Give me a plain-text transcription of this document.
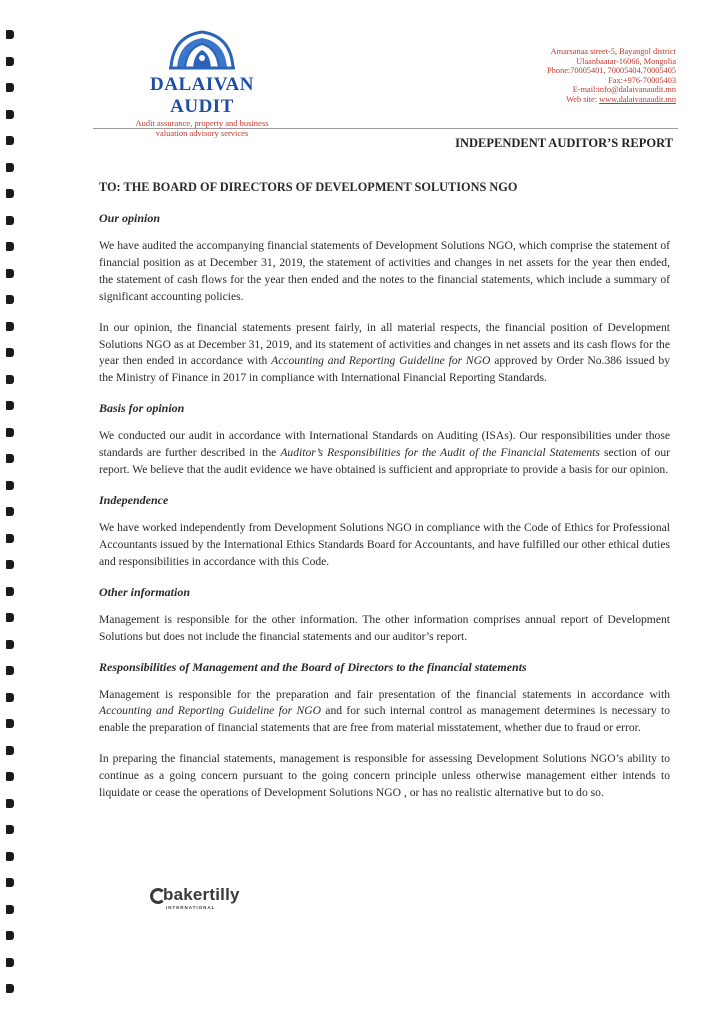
DALAIVAN AUDIT
Audit assurance, property and business
valuation advisory services
Amarsanaa street-5, Bayangol district
Ulaanbaatar-16066, Mongolia
Phone:70005401, 70005404,70005405
Fax:+976-70005403
E-mail:info@dalaivanaudit.mn
Web site: www.dalaivanaudit.mn
INDEPENDENT AUDITOR’S REPORT
TO: THE BOARD OF DIRECTORS OF DEVELOPMENT SOLUTIONS NGO
Our opinion

We have audited the accompanying financial statements of Development Solutions NGO, which comprise the statement of financial position as at December 31, 2019, the statement of activities and changes in net assets for the year then ended, the statement of cash flows for the year then ended and the notes to the financial statements, which include a summary of significant accounting policies.

In our opinion, the financial statements present fairly, in all material respects, the financial position of Development Solutions NGO as at December 31, 2019, and its statement of activities and changes in net assets and its cash flows for the year then ended in accordance with Accounting and Reporting Guideline for NGO approved by Order No.386 issued by the Ministry of Finance in 2017 in compliance with International Financial Reporting Standards.

Basis for opinion

We conducted our audit in accordance with International Standards on Auditing (ISAs). Our responsibilities under those standards are further described in the Auditor’s Responsibilities for the Audit of the Financial Statements section of our report. We believe that the audit evidence we have obtained is sufficient and appropriate to provide a basis for our opinion.

Independence

We have worked independently from Development Solutions NGO in compliance with the Code of Ethics for Professional Accountants issued by the International Ethics Standards Board for Accountants, and have fulfilled our other ethical duties and responsibilities in accordance with this Code.

Other information

Management is responsible for the other information. The other information comprises annual report of Development Solutions but does not include the financial statements and our auditor’s report.

Responsibilities of Management and the Board of Directors to the financial statements

Management is responsible for the preparation and fair presentation of the financial statements in accordance with Accounting and Reporting Guideline for NGO and for such internal control as management determines is necessary to enable the preparation of financial statements that are free from material misstatement, whether due to fraud or error.

In preparing the financial statements, management is responsible for assessing Development Solutions NGO’s ability to continue as a going concern pursuant to the going concern principle unless otherwise management either intends to liquidate or cease the operations of Development Solutions NGO , or has no realistic alternative but to do so.

bakertilly
INTERNATIONAL
